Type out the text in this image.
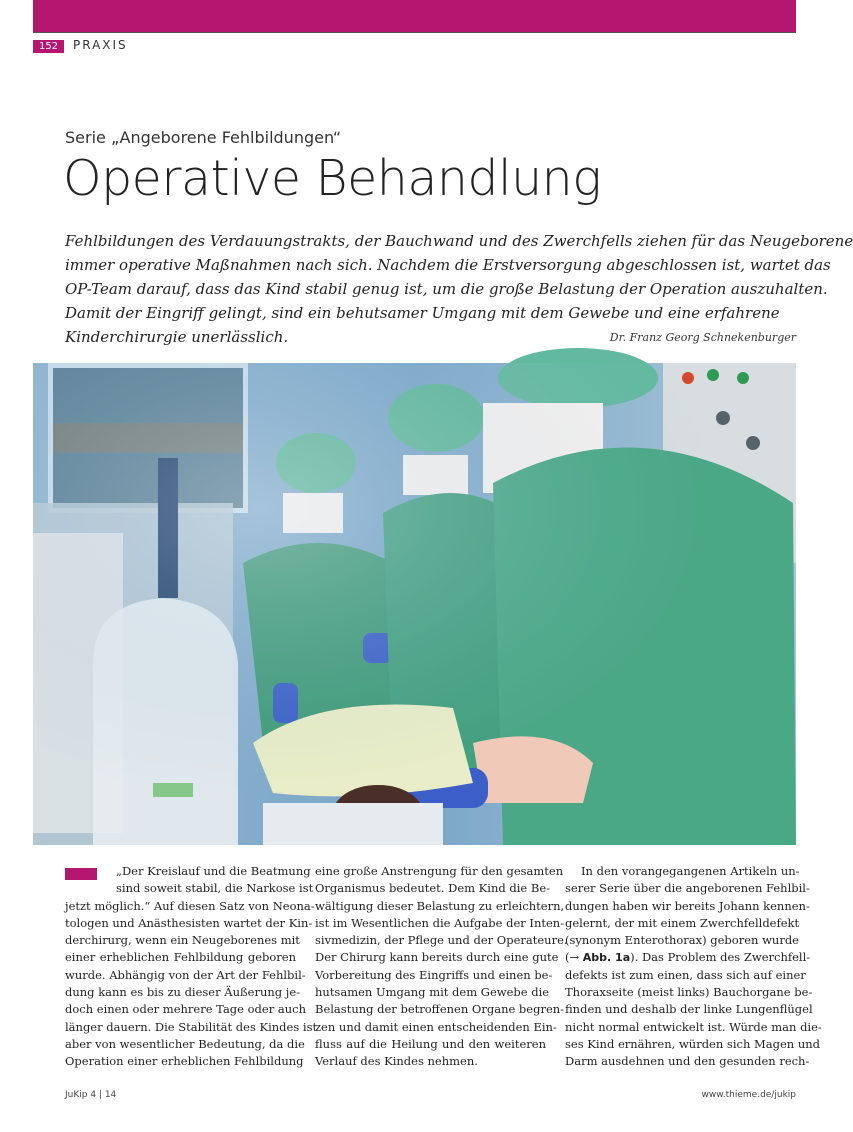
152	PRAXIS
Serie „Angeborene Fehlbildungen“
Operative Behandlung
Fehlbildungen des Verdauungstrakts, der Bauchwand und des Zwerchfells ziehen für das Neugeborene
immer operative Maßnahmen nach sich. Nachdem die Erstversorgung abgeschlossen ist, wartet das
OP-Team darauf, dass das Kind stabil genug ist, um die große Belastung der Operation auszuhalten.
Damit der Eingriff gelingt, sind ein behutsamer Umgang mit dem Gewebe und eine erfahrene
Kinderchirurgie unerlässlich.	Dr. Franz Georg Schnekenburger
„Der Kreislauf und die Beatmung
sind soweit stabil, die Narkose ist
jetzt möglich.“ Auf diesen Satz von Neona-
tologen und Anästhesisten wartet der Kin-
derchirurg, wenn ein Neugeborenes mit
einer erheblichen Fehlbildung geboren
wurde. Abhängig von der Art der Fehlbil-
dung kann es bis zu dieser Äußerung je-
doch einen oder mehrere Tage oder auch
länger dauern. Die Stabilität des Kindes ist
aber von wesentlicher Bedeutung, da die
Operation einer erheblichen Fehlbildung
eine große Anstrengung für den gesamten
Organismus bedeutet. Dem Kind die Be-
wältigung dieser Belastung zu erleichtern,
ist im Wesentlichen die Aufgabe der Inten-
sivmedizin, der Pflege und der Operateure.
Der Chirurg kann bereits durch eine gute
Vorbereitung des Eingriffs und einen be-
hutsamen Umgang mit dem Gewebe die
Belastung der betroffenen Organe begren-
zen und damit einen entscheidenden Ein-
fluss auf die Heilung und den weiteren
Verlauf des Kindes nehmen.
In den vorangegangenen Artikeln un-
serer Serie über die angeborenen Fehlbil-
dungen haben wir bereits Johann kennen-
gelernt, der mit einem Zwerchfelldefekt
(synonym Enterothorax) geboren wurde
(→ Abb. 1a). Das Problem des Zwerchfell-
defekts ist zum einen, dass sich auf einer
Thoraxseite (meist links) Bauchorgane be-
finden und deshalb der linke Lungenflügel
nicht normal entwickelt ist. Würde man die-
ses Kind ernähren, würden sich Magen und
Darm ausdehnen und den gesunden rech-
JuKip 4 | 14	www.thieme.de/jukip
